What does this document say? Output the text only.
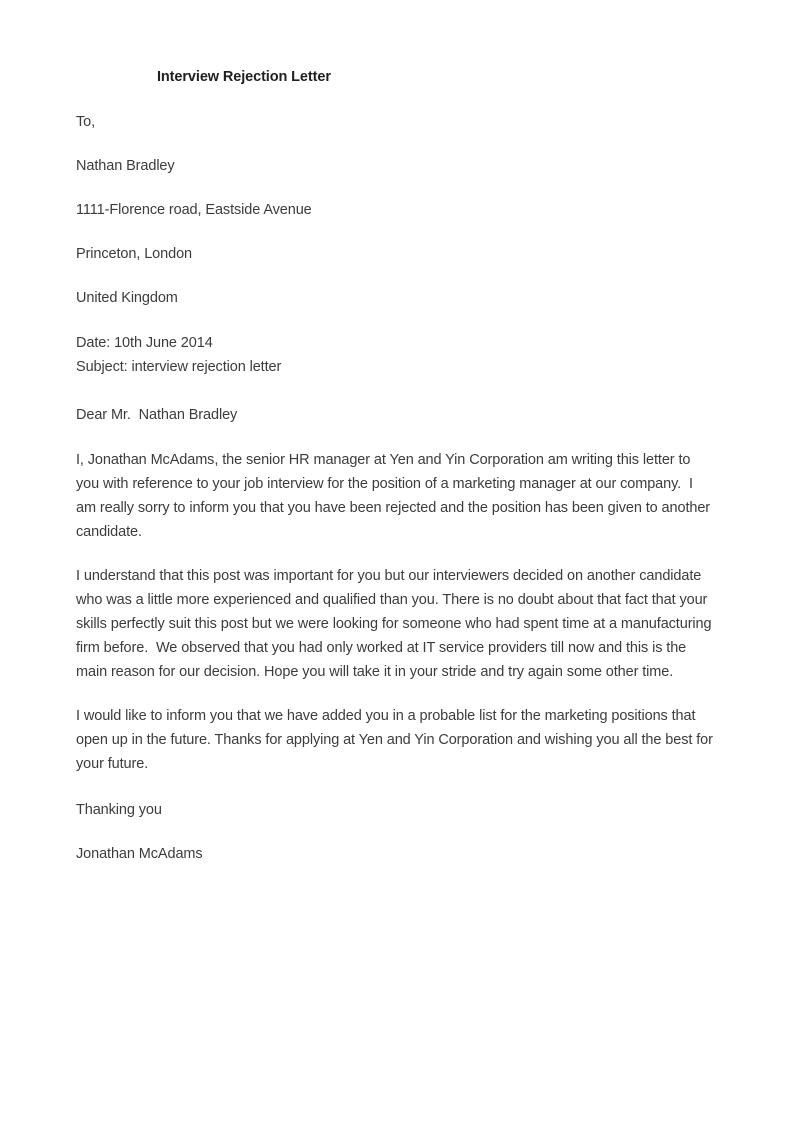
Interview Rejection Letter

To,

Nathan Bradley

1111-Florence road, Eastside Avenue

Princeton, London

United Kingdom

Date: 10th June 2014

Subject: interview rejection letter

Dear Mr.  Nathan Bradley

I, Jonathan McAdams, the senior HR manager at Yen and Yin Corporation am writing this letter to you with reference to your job interview for the position of a marketing manager at our company.  I am really sorry to inform you that you have been rejected and the position has been given to another candidate.

I understand that this post was important for you but our interviewers decided on another candidate who was a little more experienced and qualified than you. There is no doubt about that fact that your skills perfectly suit this post but we were looking for someone who had spent time at a manufacturing firm before.  We observed that you had only worked at IT service providers till now and this is the main reason for our decision. Hope you will take it in your stride and try again some other time.

I would like to inform you that we have added you in a probable list for the marketing positions that open up in the future. Thanks for applying at Yen and Yin Corporation and wishing you all the best for your future.

Thanking you

Jonathan McAdams
